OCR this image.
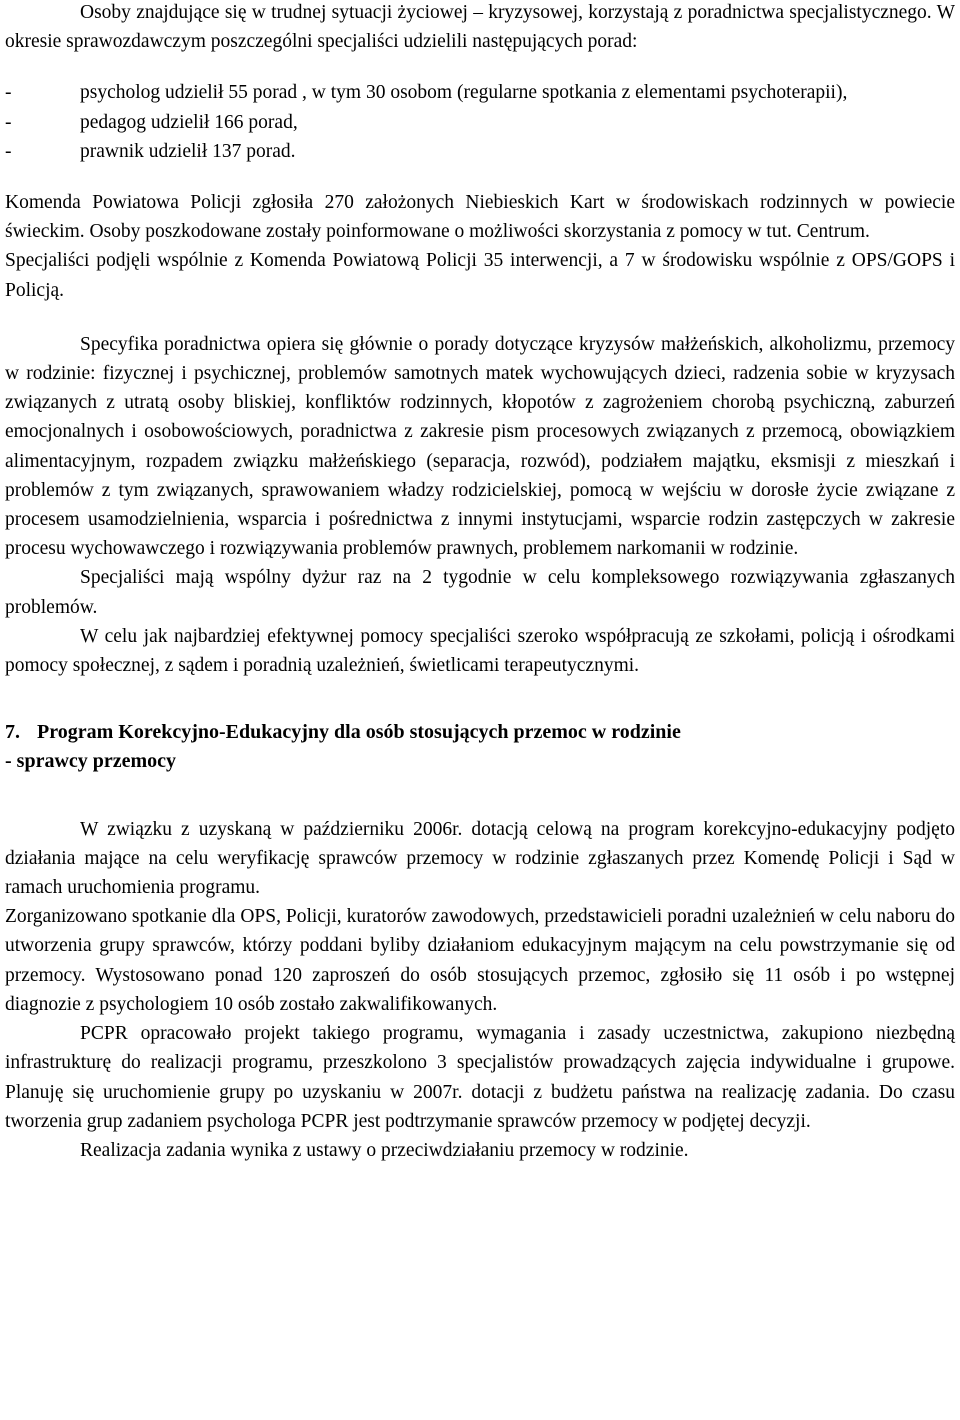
Osoby znajdujące się w trudnej sytuacji życiowej – kryzysowej, korzystają z poradnictwa specjalistycznego. W okresie sprawozdawczym poszczególni specjaliści udzielili następujących porad:

-	psycholog udzielił 55 porad , w tym 30 osobom (regularne spotkania z elementami psychoterapii),
-	pedagog udzielił 166 porad,
-	prawnik udzielił 137 porad.

Komenda Powiatowa Policji zgłosiła 270 założonych Niebieskich Kart w środowiskach rodzinnych w powiecie świeckim. Osoby poszkodowane zostały poinformowane o możliwości skorzystania z pomocy w tut. Centrum.

Specjaliści podjęli wspólnie z Komenda Powiatową Policji 35 interwencji, a 7 w środowisku wspólnie z OPS/GOPS i Policją.

Specyfika poradnictwa opiera się głównie o porady dotyczące kryzysów małżeńskich, alkoholizmu, przemocy w rodzinie: fizycznej i psychicznej, problemów samotnych matek wychowujących dzieci, radzenia sobie w kryzysach związanych z utratą osoby bliskiej, konfliktów rodzinnych, kłopotów z zagrożeniem chorobą psychiczną, zaburzeń emocjonalnych i osobowościowych, poradnictwa z zakresie pism procesowych związanych z przemocą, obowiązkiem alimentacyjnym, rozpadem związku małżeńskiego (separacja, rozwód), podziałem majątku, eksmisji z mieszkań i problemów z tym związanych, sprawowaniem władzy rodzicielskiej, pomocą w wejściu w dorosłe życie związane z procesem usamodzielnienia, wsparcia i pośrednictwa z innymi instytucjami, wsparcie rodzin zastępczych w zakresie procesu wychowawczego i rozwiązywania problemów prawnych, problemem narkomanii w rodzinie.

Specjaliści mają wspólny dyżur raz na 2 tygodnie w celu kompleksowego rozwiązywania zgłaszanych problemów.

W celu jak najbardziej efektywnej pomocy specjaliści szeroko współpracują ze szkołami, policją i ośrodkami pomocy społecznej, z sądem i poradnią uzależnień, świetlicami terapeutycznymi.

7. Program Korekcyjno-Edukacyjny dla osób stosujących przemoc w rodzinie
- sprawcy przemocy

W związku z uzyskaną w październiku 2006r. dotacją celową na program korekcyjno-edukacyjny podjęto działania mające na celu weryfikację sprawców przemocy w rodzinie zgłaszanych przez Komendę Policji i Sąd w ramach uruchomienia programu.

Zorganizowano spotkanie dla OPS, Policji, kuratorów zawodowych, przedstawicieli poradni uzależnień w celu naboru do utworzenia grupy sprawców, którzy poddani byliby działaniom edukacyjnym mającym na celu powstrzymanie się od przemocy. Wystosowano ponad 120 zaproszeń do osób stosujących przemoc, zgłosiło się 11 osób i po wstępnej diagnozie z psychologiem 10 osób zostało zakwalifikowanych.

PCPR opracowało projekt takiego programu, wymagania i zasady uczestnictwa, zakupiono niezbędną infrastrukturę do realizacji programu, przeszkolono 3 specjalistów prowadzących zajęcia indywidualne i grupowe. Planuję się uruchomienie grupy po uzyskaniu w 2007r. dotacji z budżetu państwa na realizację zadania. Do czasu tworzenia grup zadaniem psychologa PCPR jest podtrzymanie sprawców przemocy w podjętej decyzji.

Realizacja zadania wynika z ustawy o przeciwdziałaniu przemocy w rodzinie.
